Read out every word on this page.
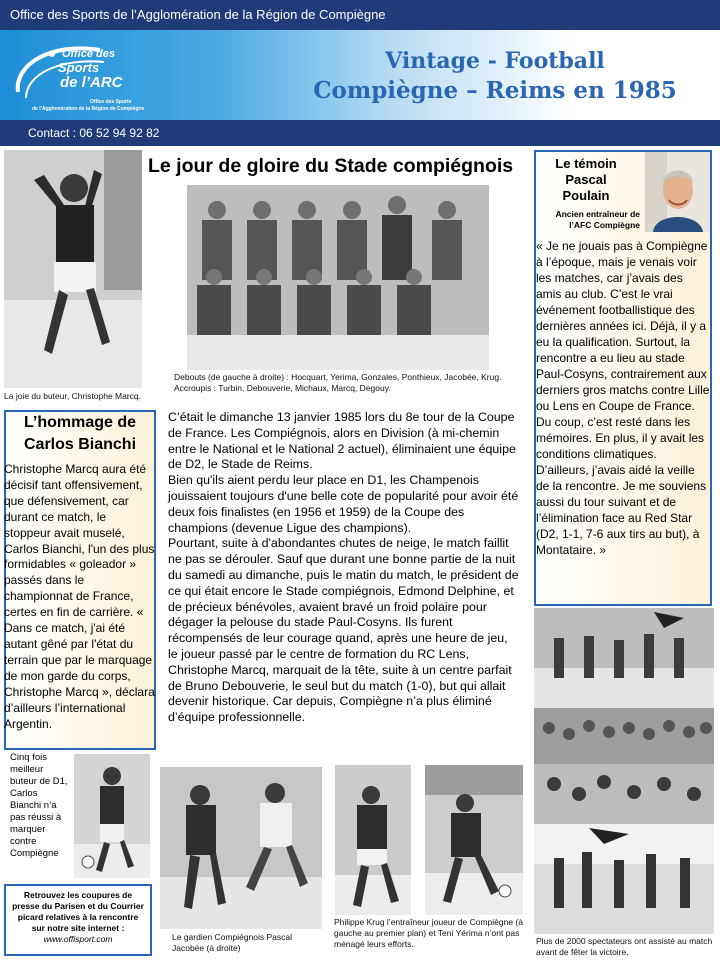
Office des Sports de l’Agglomération de la Région de Compiègne
Office des
Sports
de l’ARC
Office des Sports
de l’Agglomération de la Région de Compiègne
Vintage - Football
Compiègne – Reims en 1985
Contact : 06 52 94 92 82
La joie du buteur, Christophe Marcq.
Le jour de gloire du Stade compiégnois
Debouts (de gauche à droite) : Hocquart, Yerima, Gonzales, Ponthieux, Jacobée, Krug. Accroupis : Turbin, Debouverie, Michaux, Marcq, Degouy.
Le témoin
Pascal
Poulain
Ancien entraîneur de l’AFC Compiègne
« Je ne jouais pas à Compiègne à l’époque, mais je venais voir les matches, car j’avais des amis au club. C’est le vrai événement footballistique des dernières années ici. Déjà, il y a eu la qualification. Surtout, la rencontre a eu lieu au stade Paul-Cosyns, contrairement aux derniers gros matchs contre Lille ou Lens en Coupe de France. Du coup, c’est resté dans les mémoires. En plus, il y avait les conditions climatiques. D’ailleurs, j’avais aidé la veille de la rencontre. Je me souviens aussi du tour suivant et de l’élimination face au Red Star (D2, 1-1, 7-6 aux tirs au but), à Montataire. »
L’hommage de
Carlos Bianchi
Christophe Marcq aura été décisif tant offensivement, que défensivement, car durant ce match, le stoppeur avait muselé, Carlos Bianchi, l'un des plus formidables « goleador » passés dans le championnat de France, certes en fin de carrière. « Dans ce match, j'ai été autant gêné par l'état du terrain que par le marquage de mon garde du corps, Christophe Marcq », déclara d’ailleurs l’international Argentin.

C’était le dimanche 13 janvier 1985 lors du 8e tour de la Coupe de France. Les Compiégnois, alors en Division (à mi-chemin entre le National et le National 2 actuel), éliminaient une équipe de D2, le Stade de Reims.

Bien qu'ils aient perdu leur place en D1, les Champenois jouissaient toujours d'une belle cote de popularité pour avoir été deux fois finalistes (en 1956 et 1959) de la Coupe des champions (devenue Ligue des champions).

Pourtant, suite à d'abondantes chutes de neige, le match faillit ne pas se dérouler. Sauf que durant une bonne partie de la nuit du samedi au dimanche, puis le matin du match, le président de ce qui était encore le Stade compiégnois, Edmond Delphine, et de précieux bénévoles, avaient bravé un froid polaire pour dégager la pelouse du stade Paul-Cosyns. Ils furent récompensés de leur courage quand, après une heure de jeu, le joueur passé par le centre de formation du RC Lens, Christophe Marcq, marquait de la tête, suite à un centre parfait de Bruno Debouverie, le seul but du match (1-0), but qui allait devenir historique. Car depuis, Compiègne n’a plus éliminé d’équipe professionnelle.

Cinq fois meilleur buteur de D1, Carlos Bianchi n’a pas réussi à marquer contre Compiègne
Retrouvez les coupures de presse du Parisen et du Courrier picard relatives à la rencontre sur notre site internet : www.offisport.com	Le gardien Compiégnois Pascal Jacobée (à droite)
Philippe Krug l’entraîneur joueur de Compiègne (à gauche au premier plan) et Teni Yérima n’ont pas ménagé leurs efforts.	Plus de 2000 spectateurs ont assisté au match avant de fêter la victoire.
